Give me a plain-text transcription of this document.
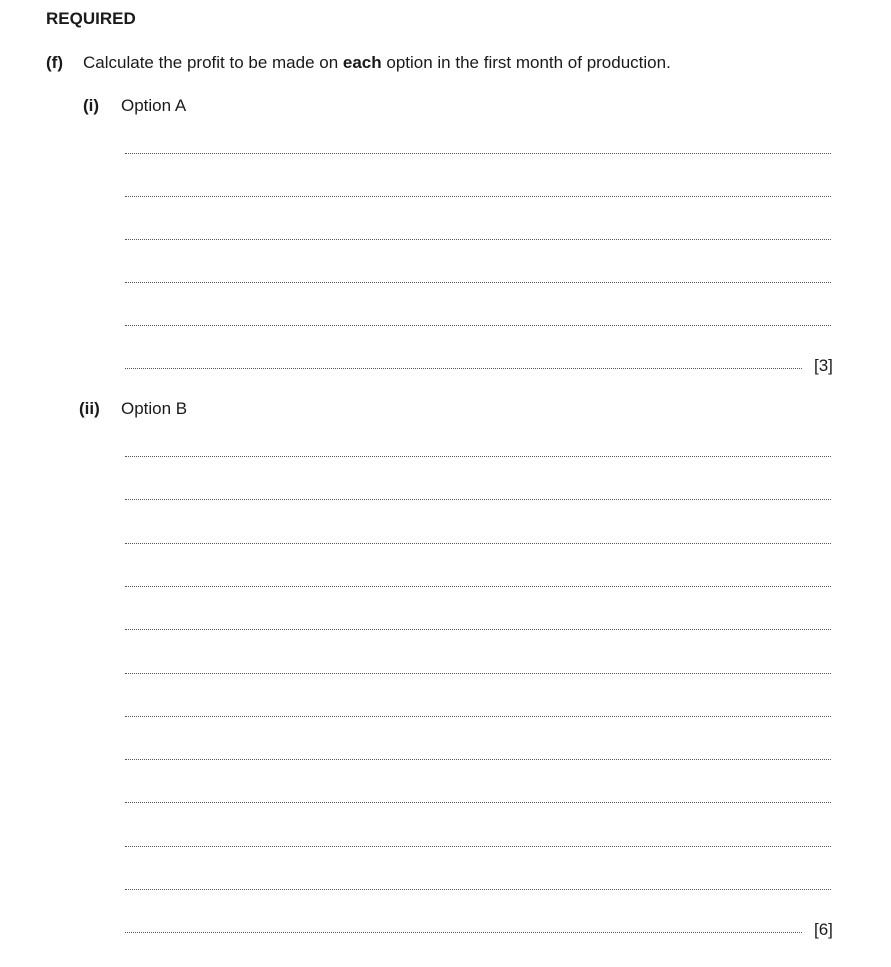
REQUIRED
(f) Calculate the profit to be made on each option in the first month of production.
(i) Option A
[3]
(ii) Option B
[6]
